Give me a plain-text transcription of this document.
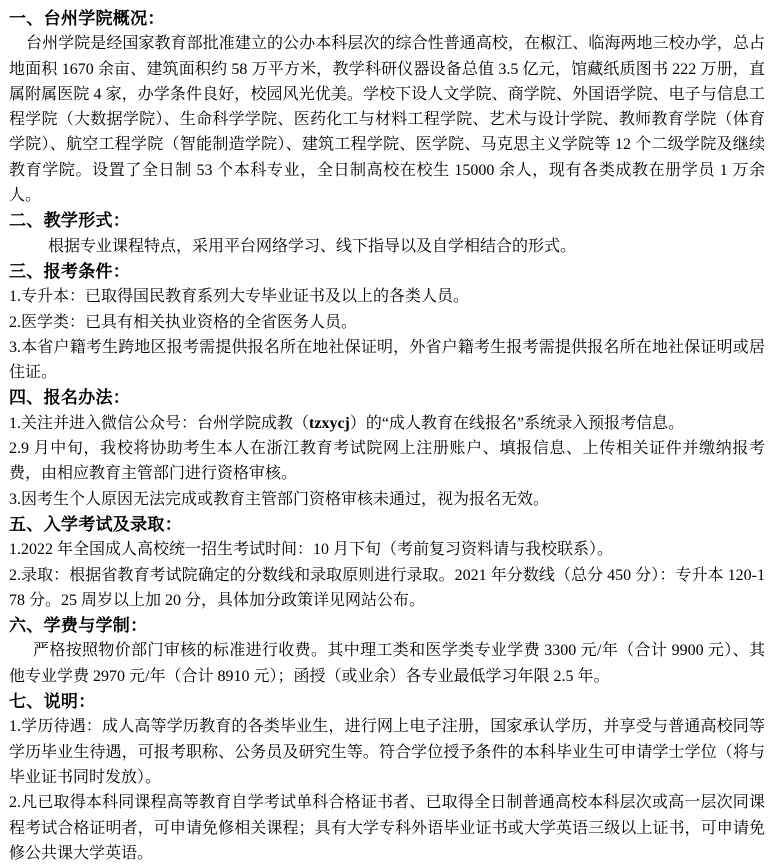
一、台州学院概况：

台州学院是经国家教育部批准建立的公办本科层次的综合性普通高校，在椒江、临海两地三校办学，总占地面积 1670 余亩、建筑面积约 58 万平方米，教学科研仪器设备总值 3.5 亿元，馆藏纸质图书 222 万册，直属附属医院 4 家，办学条件良好，校园风光优美。学校下设人文学院、商学院、外国语学院、电子与信息工程学院（大数据学院）、生命科学学院、医药化工与材料工程学院、艺术与设计学院、教师教育学院（体育学院）、航空工程学院（智能制造学院）、建筑工程学院、医学院、马克思主义学院等 12 个二级学院及继续教育学院。设置了全日制 53 个本科专业，全日制高校在校生 15000 余人，现有各类成教在册学员 1 万余人。

二、教学形式：

根据专业课程特点，采用平台网络学习、线下指导以及自学相结合的形式。

三、报考条件：

1.专升本：已取得国民教育系列大专毕业证书及以上的各类人员。

2.医学类：已具有相关执业资格的全省医务人员。

3.本省户籍考生跨地区报考需提供报名所在地社保证明，外省户籍考生报考需提供报名所在地社保证明或居住证。

四、报名办法：

1.关注并进入微信公众号：台州学院成教（tzxycj）的“成人教育在线报名”系统录入预报考信息。

2.9 月中旬，我校将协助考生本人在浙江教育考试院网上注册账户、填报信息、上传相关证件并缴纳报考费，由相应教育主管部门进行资格审核。

3.因考生个人原因无法完成或教育主管部门资格审核未通过，视为报名无效。

五、入学考试及录取：

1.2022 年全国成人高校统一招生考试时间：10 月下旬（考前复习资料请与我校联系）。

2.录取：根据省教育考试院确定的分数线和录取原则进行录取。2021 年分数线（总分 450 分）：专升本 120-178 分。25 周岁以上加 20 分，具体加分政策详见网站公布。

六、学费与学制：

严格按照物价部门审核的标准进行收费。其中理工类和医学类专业学费 3300 元/年（合计 9900 元）、其他专业学费 2970 元/年（合计 8910 元）；函授（或业余）各专业最低学习年限 2.5 年。

七、说明：

1.学历待遇：成人高等学历教育的各类毕业生，进行网上电子注册，国家承认学历，并享受与普通高校同等学历毕业生待遇，可报考职称、公务员及研究生等。符合学位授予条件的本科毕业生可申请学士学位（将与毕业证书同时发放）。

2.凡已取得本科同课程高等教育自学考试单科合格证书者、已取得全日制普通高校本科层次或高一层次同课程考试合格证明者，可申请免修相关课程；具有大学专科外语毕业证书或大学英语三级以上证书，可申请免修公共课大学英语。
